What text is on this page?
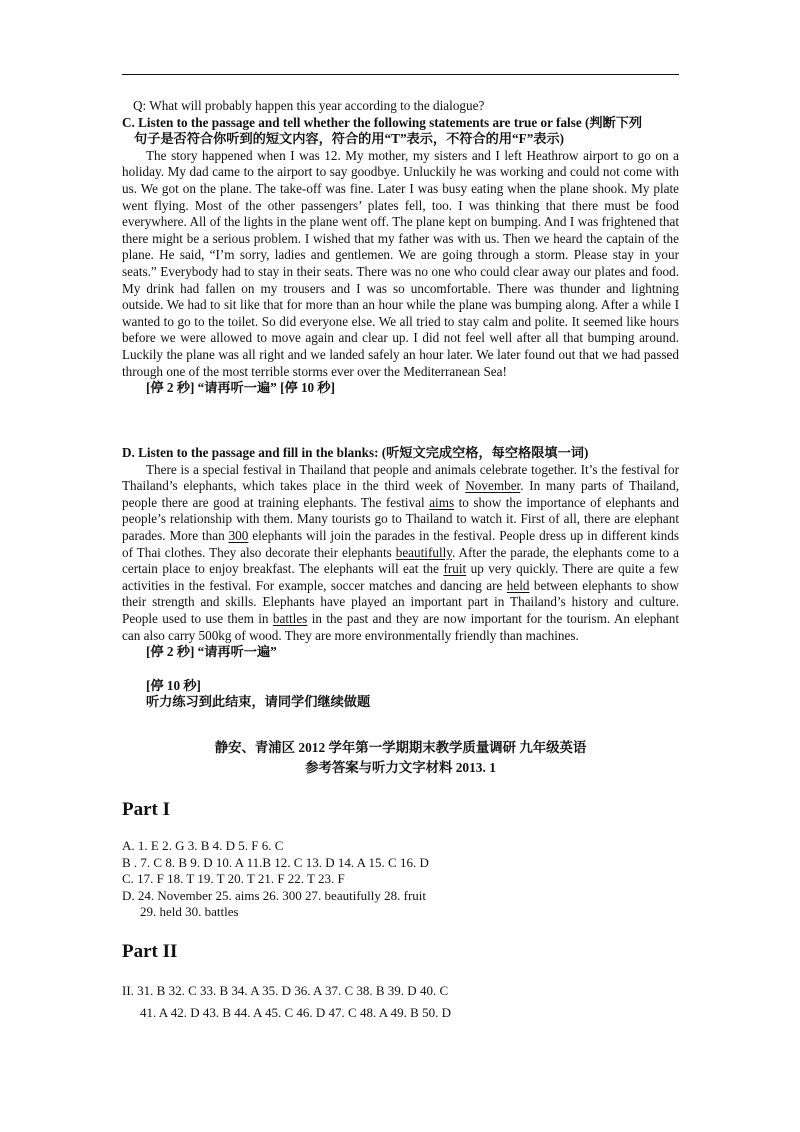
Q: What will probably happen this year according to the dialogue?

C. Listen to the passage and tell whether the following statements are true or false (判断下列

句子是否符合你听到的短文内容，符合的用“T”表示，不符合的用“F”表示)

The story happened when I was 12. My mother, my sisters and I left Heathrow airport to go on a holiday. My dad came to the airport to say goodbye. Unluckily he was working and could not come with us. We got on the plane. The take-off was fine. Later I was busy eating when the plane shook. My plate went flying. Most of the other passengers’ plates fell, too. I was thinking that there must be food everywhere. All of the lights in the plane went off. The plane kept on bumping. And I was frightened that there might be a serious problem. I wished that my father was with us. Then we heard the captain of the plane. He said, “I’m sorry, ladies and gentlemen. We are going through a storm. Please stay in your seats.” Everybody had to stay in their seats. There was no one who could clear away our plates and food. My drink had fallen on my trousers and I was so uncomfortable. There was thunder and lightning outside. We had to sit like that for more than an hour while the plane was bumping along. After a while I wanted to go to the toilet. So did everyone else. We all tried to stay calm and polite. It seemed like hours before we were allowed to move again and clear up. I did not feel well after all that bumping around. Luckily the plane was all right and we landed safely an hour later. We later found out that we had passed through one of the most terrible storms ever over the Mediterranean Sea!

[停 2 秒] “请再听一遍” [停 10 秒]

D. Listen to the passage and fill in the blanks: (听短文完成空格，每空格限填一词)

There is a special festival in Thailand that people and animals celebrate together. It’s the festival for Thailand’s elephants, which takes place in the third week of November. In many parts of Thailand, people there are good at training elephants. The festival aims to show the importance of elephants and people’s relationship with them. Many tourists go to Thailand to watch it. First of all, there are elephant parades. More than 300 elephants will join the parades in the festival. People dress up in different kinds of Thai clothes. They also decorate their elephants beautifully. After the parade, the elephants come to a certain place to enjoy breakfast. The elephants will eat the fruit up very quickly. There are quite a few activities in the festival. For example, soccer matches and dancing are held between elephants to show their strength and skills. Elephants have played an important part in Thailand’s history and culture. People used to use them in battles in the past and they are now important for the tourism. An elephant can also carry 500kg of wood. They are more environmentally friendly than machines.

[停 2 秒] “请再听一遍”

[停 10 秒]

听力练习到此结束，请同学们继续做题

静安、青浦区 2012 学年第一学期期末教学质量调研 九年级英语

参考答案与听力文字材料 2013. 1

Part I

A. 1. E 2. G 3. B 4. D 5. F 6. C

B . 7. C 8. B 9. D 10. A 11.B 12. C 13. D 14. A 15. C 16. D

C. 17. F 18. T 19. T 20. T 21. F 22. T 23. F

D. 24. November 25. aims 26. 300 27. beautifully 28. fruit

29. held 30. battles

Part II

II. 31. B 32. C 33. B 34. A 35. D 36. A 37. C 38. B 39. D 40. C

41. A 42. D 43. B 44. A 45. C 46. D 47. C 48. A 49. B 50. D
